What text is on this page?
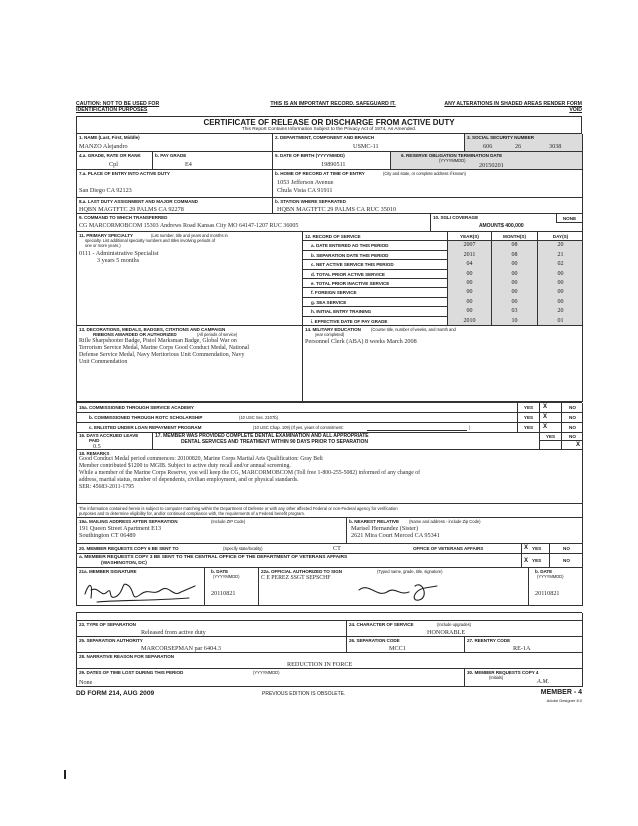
CAUTION: NOT TO BE USED FOR IDENTIFICATION PURPOSES
THIS IS AN IMPORTANT RECORD. SAFEGUARD IT.	ANY ALTERATIONS IN SHADED AREAS RENDER FORM VOID
CERTIFICATE OF RELEASE OR DISCHARGE FROM ACTIVE DUTY
This Report Contains Information Subject to the Privacy Act of 1974, As Amended.
1. NAME (Last, First, Middle)
MANZO Alejandro
2. DEPARTMENT, COMPONENT AND BRANCH
USMC-11
3. SOCIAL SECURITY NUMBER
606	26	3038
4.a. GRADE, RATE OR RANK
Cpl
b. PAY GRADE
E4
5. DATE OF BIRTH (YYYYMMDD)
19890511
6. RESERVE OBLIGATION TERMINATION DATE
(YYYYMMDD)
20150201
7.a. PLACE OF ENTRY INTO ACTIVE DUTY
San Diego CA 92123
b. HOME OF RECORD AT TIME OF ENTRY	(City and state, or complete address if known)
1053 Jefferson Avenue
Chula Vista CA 91911
8.a. LAST DUTY ASSIGNMENT AND MAJOR COMMAND
HQBN MAGTFTC 29 PALMS CA 92278
b. STATION WHERE SEPARATED
HQBN MAGTFTC 29 PALMS CA RUC 35010
9. COMMAND TO WHICH TRANSFERRED
CG MARCORMOBCOM 15303 Andrews Road Kansas City MO 64147-1207 RUC 36005
10. SGLI COVERAGE	NONE
AMOUNT: $ 400,000
11. PRIMARY SPECIALTY	(List number, title and years and months in
specialty. List additional specialty numbers and titles involving periods of
one or more years.)
0111 - Administrative Specialist
3 years 5 months
12. RECORD OF SERVICE	YEAR(S)	MONTH(S)	DAY(S)
a. DATE ENTERED AD THIS PERIOD	2007	08	20
b. SEPARATION DATE THIS PERIOD	2011	08	21
c. NET ACTIVE SERVICE THIS PERIOD	04	00	02
d. TOTAL PRIOR ACTIVE SERVICE	00	00	00
e. TOTAL PRIOR INACTIVE SERVICE	00	00	00
f. FOREIGN SERVICE	00	00	00
g. SEA SERVICE	00	00	00
h. INITIAL ENTRY TRAINING	00	03	20
i. EFFECTIVE DATE OF PAY GRADE	2010	10	01
13. DECORATIONS, MEDALS, BADGES, CITATIONS AND CAMPAIGN
RIBBONS AWARDED OR AUTHORIZED	(All periods of service)
Rifle Sharpshooter Badge, Pistol Marksman Badge, Global War on
Terrorism Service Medal, Marine Corps Good Conduct Medal, National
Defense Service Medal, Navy Meritorious Unit Commendation, Navy
Unit Commendation
14. MILITARY EDUCATION (Course title, number of weeks, and month and
year completed)
Personnel Clerk (ABA) 8 weeks March 2008
15a. COMMISSIONED THROUGH SERVICE ACADEMY	YES	X	NO
b. COMMISSIONED THROUGH ROTC SCHOLARSHIP	(10 USC Sec. 2107b)	YES	X	NO
c. ENLISTED UNDER LOAN REPAYMENT PROGRAM	(10 USC Chap. 109) (If yes, years of commitment:	)	YES	X	NO
16. DAYS ACCRUED LEAVE
PAID
0.5
17. MEMBER WAS PROVIDED COMPLETE DENTAL EXAMINATION AND ALL APPROPRIATE
DENTAL SERVICES AND TREATMENT WITHIN 90 DAYS PRIOR TO SEPARATION
YES	NO
X
18. REMARKS
Good Conduct Medal period commences: 20100820, Marine Corps Martial Arts Qualification: Gray Belt
Member contributed $1200 to MGIB. Subject to active duty recall and/or annual screening.
While a member of the Marine Corps Reserve, you will keep the CG, MARCORMOBCOM (Toll free 1-800-255-5082) informed of any change of
address, marital status, number of dependents, civilian employment, and or physical standards.
SER: 45683-2011-1795
The information contained herein is subject to computer matching within the Department of Defense or with any other affected Federal or non-Federal agency for verification
purposes and to determine eligibility for, and/or continued compliance with, the requirements of a Federal benefit program.
19a. MAILING ADDRESS AFTER SEPARATION	(Include ZIP Code)
191 Queen Street Apartment E13
Southington CT 06489
b. NEAREST RELATIVE (Name and address - include Zip Code)
Marisel Hernandez (Sister)
2621 Mira Court Merced CA 95341
20. MEMBER REQUESTS COPY 6 BE SENT TO	(Specify state/locality)	CT	OFFICE OF VETERANS AFFAIRS	X YES	NO
a. MEMBER REQUESTS COPY 3 BE SENT TO THE CENTRAL OFFICE OF THE DEPARTMENT OF VETERANS AFFAIRS
(WASHINGTON, DC)	X YES	NO
21a. MEMBER SIGNATURE	b. DATE
(YYYYMMDD)
20110821
22a. OFFICIAL AUTHORIZED TO SIGN	(Typed name, grade, title, signature)
C E PEREZ SSGT SEPSCHF
b. DATE
(YYYYMMDD)
20110821
23. TYPE OF SEPARATION
Released from active duty
24. CHARACTER OF SERVICE	(Include upgrades)
HONORABLE
25. SEPARATION AUTHORITY
MARCORSEPMAN par 6404.3
26. SEPARATION CODE
MCC1
27. REENTRY CODE
RE-1A
28. NARRATIVE REASON FOR SEPARATION
REDUCTION IN FORCE
29. DATES OF TIME LOST DURING THIS PERIOD	(YYYYMMDD)
None
30. MEMBER REQUESTS COPY 4
(Initials)
A.M.
DD FORM 214, AUG 2009	PREVIOUS EDITION IS OBSOLETE.	MEMBER - 4
Adobe Designer 8.0
